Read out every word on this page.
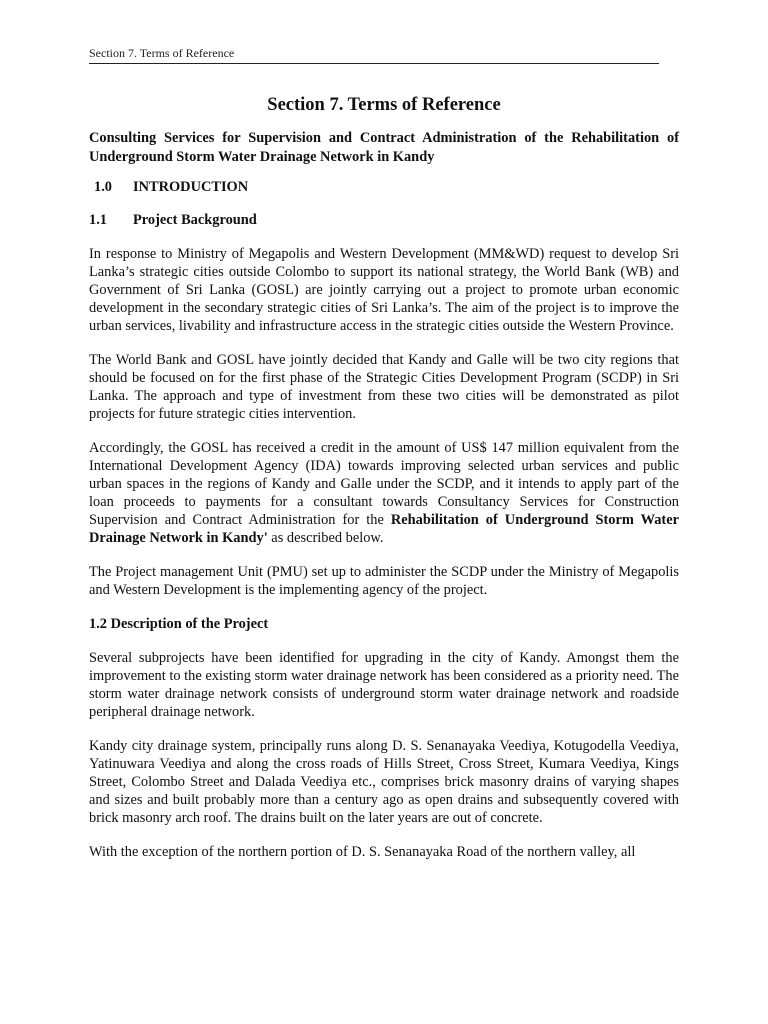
Section 7. Terms of Reference
Section 7. Terms of Reference
Consulting Services for Supervision and Contract Administration of the Rehabilitation of Underground Storm Water Drainage Network in Kandy
1.0 INTRODUCTION
1.1 Project Background

In response to Ministry of Megapolis and Western Development (MM&WD) request to develop Sri Lanka’s strategic cities outside Colombo to support its national strategy, the World Bank (WB) and Government of Sri Lanka (GOSL) are jointly carrying out a project to promote urban economic development in the secondary strategic cities of Sri Lanka’s. The aim of the project is to improve the urban services, livability and infrastructure access in the strategic cities outside the Western Province.

The World Bank and GOSL have jointly decided that Kandy and Galle will be two city regions that should be focused on for the first phase of the Strategic Cities Development Program (SCDP) in Sri Lanka. The approach and type of investment from these two cities will be demonstrated as pilot projects for future strategic cities intervention.

Accordingly, the GOSL has received a credit in the amount of US$ 147 million equivalent from the International Development Agency (IDA) towards improving selected urban services and public urban spaces in the regions of Kandy and Galle under the SCDP, and it intends to apply part of the loan proceeds to payments for a consultant towards Consultancy Services for Construction Supervision and Contract Administration for the Rehabilitation of Underground Storm Water Drainage Network in Kandy' as described below.

The Project management Unit (PMU) set up to administer the SCDP under the Ministry of Megapolis and Western Development is the implementing agency of the project.

1.2 Description of the Project

Several subprojects have been identified for upgrading in the city of Kandy. Amongst them the improvement to the existing storm water drainage network has been considered as a priority need. The storm water drainage network consists of underground storm water drainage network and roadside peripheral drainage network.

Kandy city drainage system, principally runs along D. S. Senanayaka Veediya, Kotugodella Veediya, Yatinuwara Veediya and along the cross roads of Hills Street, Cross Street, Kumara Veediya, Kings Street, Colombo Street and Dalada Veediya etc., comprises brick masonry drains of varying shapes and sizes and built probably more than a century ago as open drains and subsequently covered with brick masonry arch roof. The drains built on the later years are out of concrete.

With the exception of the northern portion of D. S. Senanayaka Road of the northern valley, all
